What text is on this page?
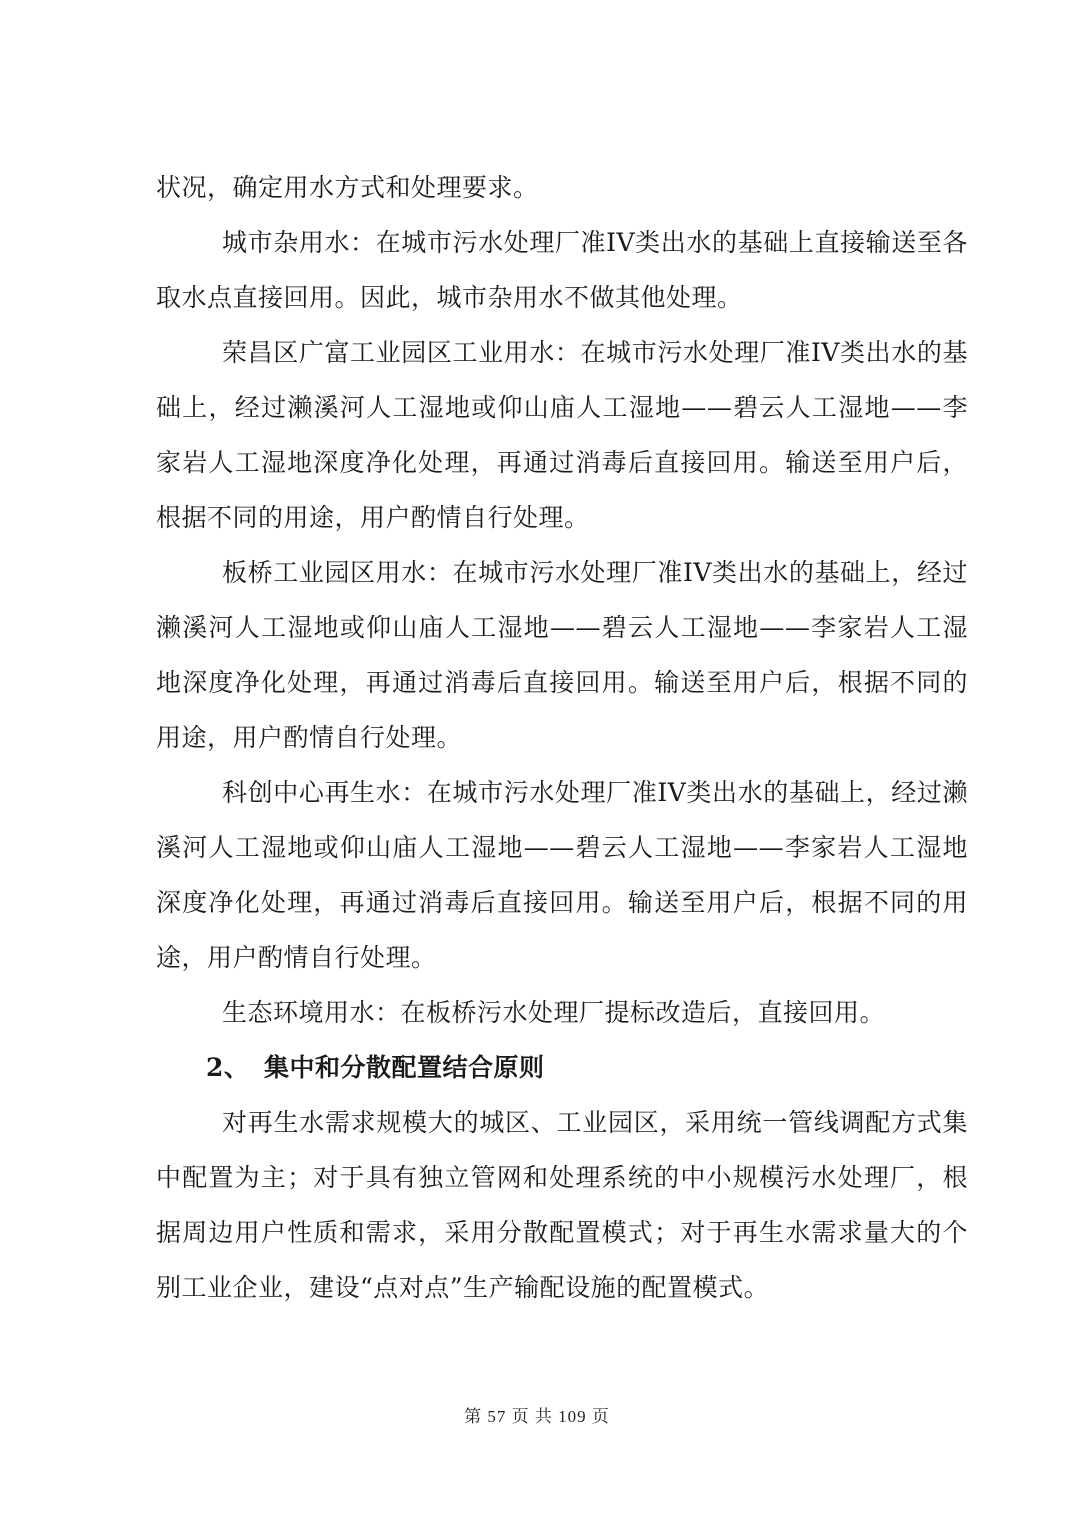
状况，确定用水方式和处理要求。

城市杂用水：在城市污水处理厂准IV类出水的基础上直接输送至各取水点直接回用。因此，城市杂用水不做其他处理。

荣昌区广富工业园区工业用水：在城市污水处理厂准IV类出水的基础上，经过濑溪河人工湿地或仰山庙人工湿地——碧云人工湿地——李家岩人工湿地深度净化处理，再通过消毒后直接回用。输送至用户后，根据不同的用途，用户酌情自行处理。

板桥工业园区用水：在城市污水处理厂准IV类出水的基础上，经过濑溪河人工湿地或仰山庙人工湿地——碧云人工湿地——李家岩人工湿地深度净化处理，再通过消毒后直接回用。输送至用户后，根据不同的用途，用户酌情自行处理。

科创中心再生水：在城市污水处理厂准IV类出水的基础上，经过濑溪河人工湿地或仰山庙人工湿地——碧云人工湿地——李家岩人工湿地深度净化处理，再通过消毒后直接回用。输送至用户后，根据不同的用途，用户酌情自行处理。

生态环境用水：在板桥污水处理厂提标改造后，直接回用。

2、 集中和分散配置结合原则

对再生水需求规模大的城区、工业园区，采用统一管线调配方式集中配置为主；对于具有独立管网和处理系统的中小规模污水处理厂，根据周边用户性质和需求，采用分散配置模式；对于再生水需求量大的个别工业企业，建设“点对点”生产输配设施的配置模式。

第 57 页 共 109 页
